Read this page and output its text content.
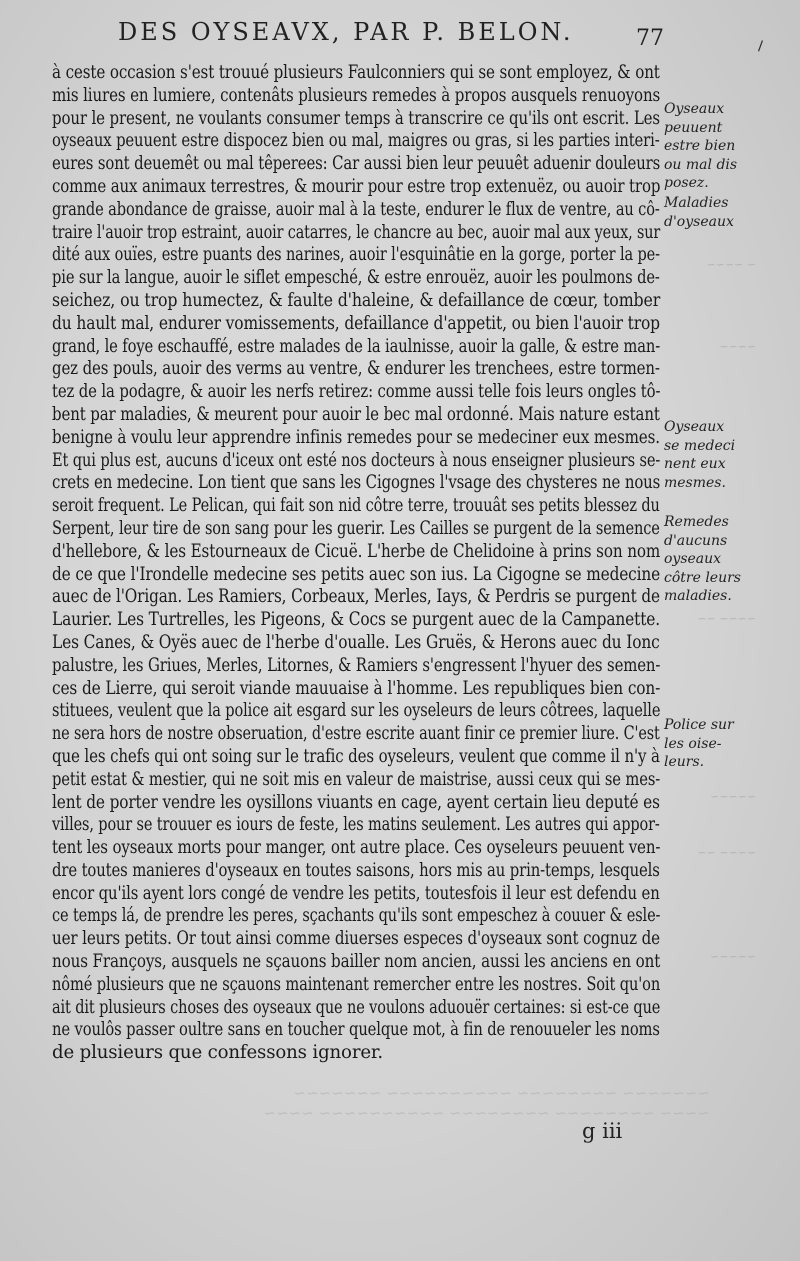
DES OYSEAVX, PAR P. BELON.	77	⸝
à ceste occasion s'est trouué plusieurs Faulconniers qui se sont employez, & ont
mis liures en lumiere, contenâts plusieurs remedes à propos ausquels renuoyons
pour le present, ne voulants consumer temps à transcrire ce qu'ils ont escrit. Les
oyseaux peuuent estre dispoсez bien ou mal, maigres ou gras, si les parties interi-
eures sont deuemêt ou mal têperees: Car aussi bien leur peuuêt aduenir douleurs
comme aux animaux terrestres, & mourir pour estre trop extenuëz, ou auoir trop
grande abondance de graisse, auoir mal à la teste, endurer le flux de ventre, au cô-
traire l'auoir trop estraint, auoir catarres, le chancre au bec, auoir mal aux yeux, sur
dité aux ouïes, estre puants des narines, auoir l'esquinâtie en la gorge, porter la pe-
pie sur la langue, auoir le siflet empesché, & estre enrouëz, auoir les poulmons de-
seichez, ou trop humectez, & faulte d'haleine, & defaillance de cœur, tomber
du hault mal, endurer vomissements, defaillance d'appetit, ou bien l'auoir trop
grand, le foye eschauffé, estre malades de la iaulnisse, auoir la galle, & estre man-
gez des pouls, auoir des verms au ventre, & endurer les trenchees, estre tormen-
tez de la podagre, & auoir les nerfs retirez: comme aussi telle fois leurs ongles tô-
bent par maladies, & meurent pour auoir le bec mal ordonné. Mais nature estant
benigne à voulu leur apprendre infinis remedes pour se medeciner eux mesmes.
Et qui plus est, aucuns d'iceux ont esté nos docteurs à nous enseigner plusieurs se-
crets en medecine. Lon tient que sans les Cigognes l'vsage des chysteres ne nous
seroit frequent. Le Pelican, qui fait son nid côtre terre, trouuât ses petits blessez du
Serpent, leur tire de son sang pour les guerir. Les Cailles se purgent de la semence
d'hellebore, & les Estourneaux de Cicuë. L'herbe de Chelidoine à prins son nom
de ce que l'Irondelle medecine ses petits auec son ius. La Cigogne se medecine
auec de l'Origan. Les Ramiers, Corbeaux, Merles, Iays, & Perdris se purgent de
Laurier. Les Turtrelles, les Pigeons, & Cocs se purgent auec de la Campanette.
Les Canes, & Oyës auec de l'herbe d'oualle. Les Gruës, & Herons auec du Ionc
palustre, les Griues, Merles, Litornes, & Ramiers s'engressent l'hyuer des semen-
ces de Lierre, qui seroit viande mauuaise à l'homme. Les republiques bien con-
stituees, veulent que la police ait esgard sur les oyseleurs de leurs côtrees, laquelle
ne sera hors de nostre obseruation, d'estre escrite auant finir ce premier liure. C'est
que les chefs qui ont soing sur le trafic des oyseleurs, veulent que comme il n'y à
petit estat & mestier, qui ne soit mis en valeur de maistrise, aussi ceux qui se mes-
lent de porter vendre les oysillons viuants en cage, ayent certain lieu deputé es
villes, pour se trouuer es iours de feste, les matins seulement. Les autres qui appor-
tent les oyseaux morts pour manger, ont autre place. Ces oyseleurs peuuent ven-
dre toutes manieres d'oyseaux en toutes saisons, hors mis au prin-temps, lesquels
encor qu'ils ayent lors congé de vendre les petits, toutesfois il leur est defendu en
ce temps lá, de prendre les peres, sçachants qu'ils sont empeschez à couuer & esle-
uer leurs petits. Or tout ainsi comme diuerses especes d'oyseaux sont cognuz de
nous Françoys, ausquels ne sçauons bailler nom ancien, aussi les anciens en ont
nômé plusieurs que ne sçauons maintenant remercher entre les nostres. Soit qu'on
ait dit plusieurs choses des oyseaux que ne voulons aduouër certaines: si est-ce que
ne voulôs passer oultre sans en toucher quelque mot, à fin de renouueler les noms
de plusieurs que confessons ignorer.
Oyseaux
peuuent
estre bien
ou mal dis
posez.
Maladies
d'oyseaux
Oyseaux
se medeci
nent eux
mesmes.
Remedes
d'aucuns
oyseaux
côtre leurs
maladies.
Police sur
les oise-
leurs.
~ ~~~~
~~~~
~~~~ ~~
~~~~~
~~~~ ~~
~~~~~
~~~~~~~ ~~~~~~~~ ~~~~~~~~~~ ~~~~~~~
~~~~ ~~~~~~~~ ~~~~~~~~ ~~~~~~~~~~ ~~~~
g iii
